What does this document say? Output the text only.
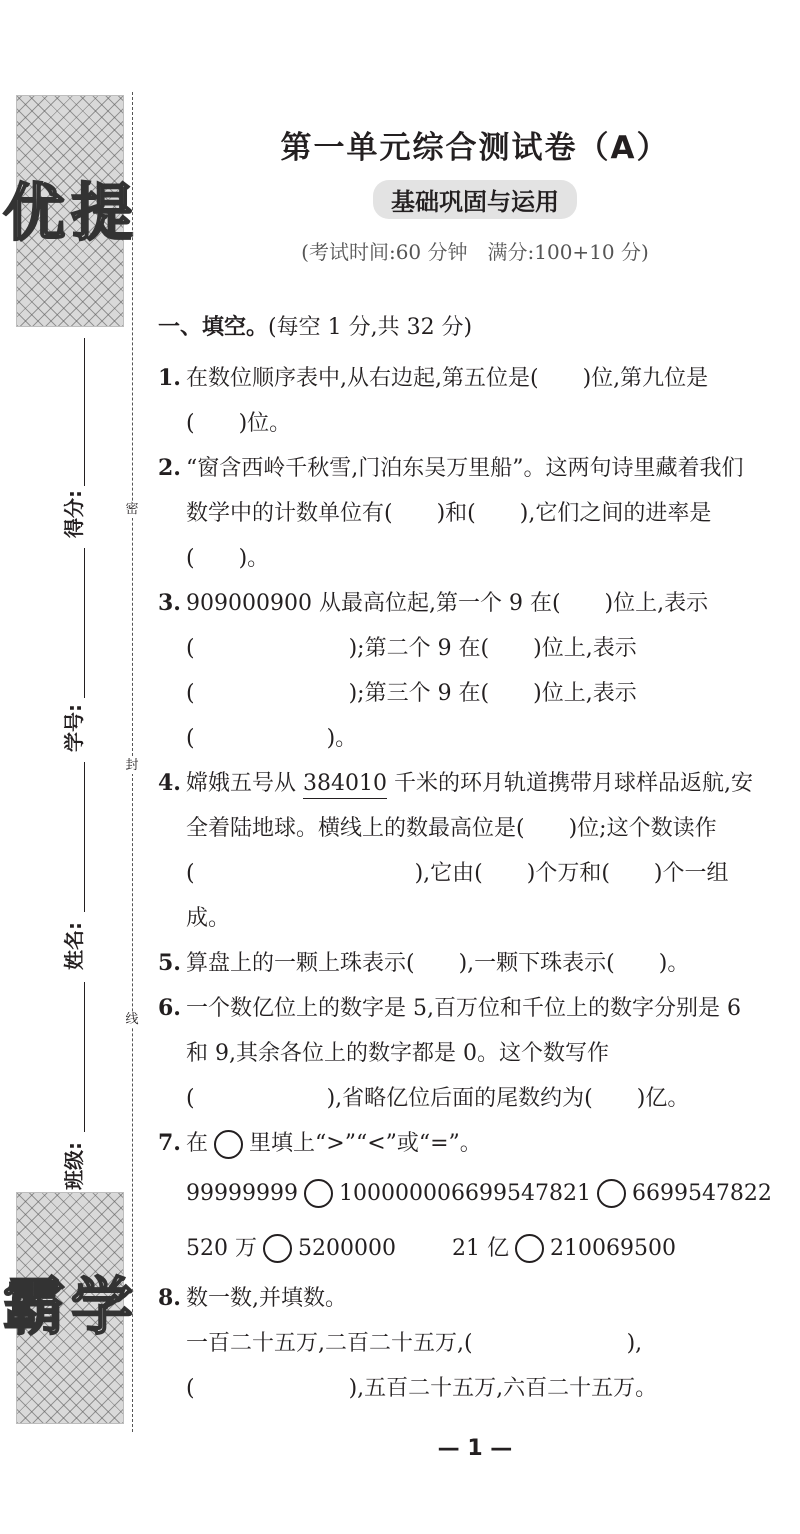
优 提
霸 学
得分:
学号:
姓名:
班级:
密
封
线
第一单元综合测试卷（A）
基础巩固与运用
(考试时间:60 分钟　满分:100+10 分)
一、填空。(每空 1 分,共 32 分)
1. 在数位顺序表中,从右边起,第五位是(　　)位,第九位是(　　)位。
2. “窗含西岭千秋雪,门泊东吴万里船”。这两句诗里藏着我们数学中的计数单位有(　　)和(　　),它们之间的进率是(　　)。
3. 909000900 从最高位起,第一个 9 在(　　)位上,表示(　　　　　　　);第二个 9 在(　　)位上,表示(　　　　　　　);第三个 9 在(　　)位上,表示(　　　　　　)。
4. 嫦娥五号从 384010 千米的环月轨道携带月球样品返航,安全着陆地球。横线上的数最高位是(　　)位;这个数读作(　　　　　　　　　　),它由(　　)个万和(　　)个一组成。
5. 算盘上的一颗上珠表示(　　),一颗下珠表示(　　)。
6. 一个数亿位上的数字是 5,百万位和千位上的数字分别是 6 和 9,其余各位上的数字都是 0。这个数写作(　　　　　　),省略亿位后面的尾数约为(　　)亿。
7. 在 里填上“>”“<”或“=”。
99999999 10000000 6699547821 6699547822
520 万 5200000	21 亿 210069500
8. 数一数,并填数。
一百二十五万,二百二十五万,(　　　　　　　),
(　　　　　　　),五百二十五万,六百二十五万。
— 1 —
